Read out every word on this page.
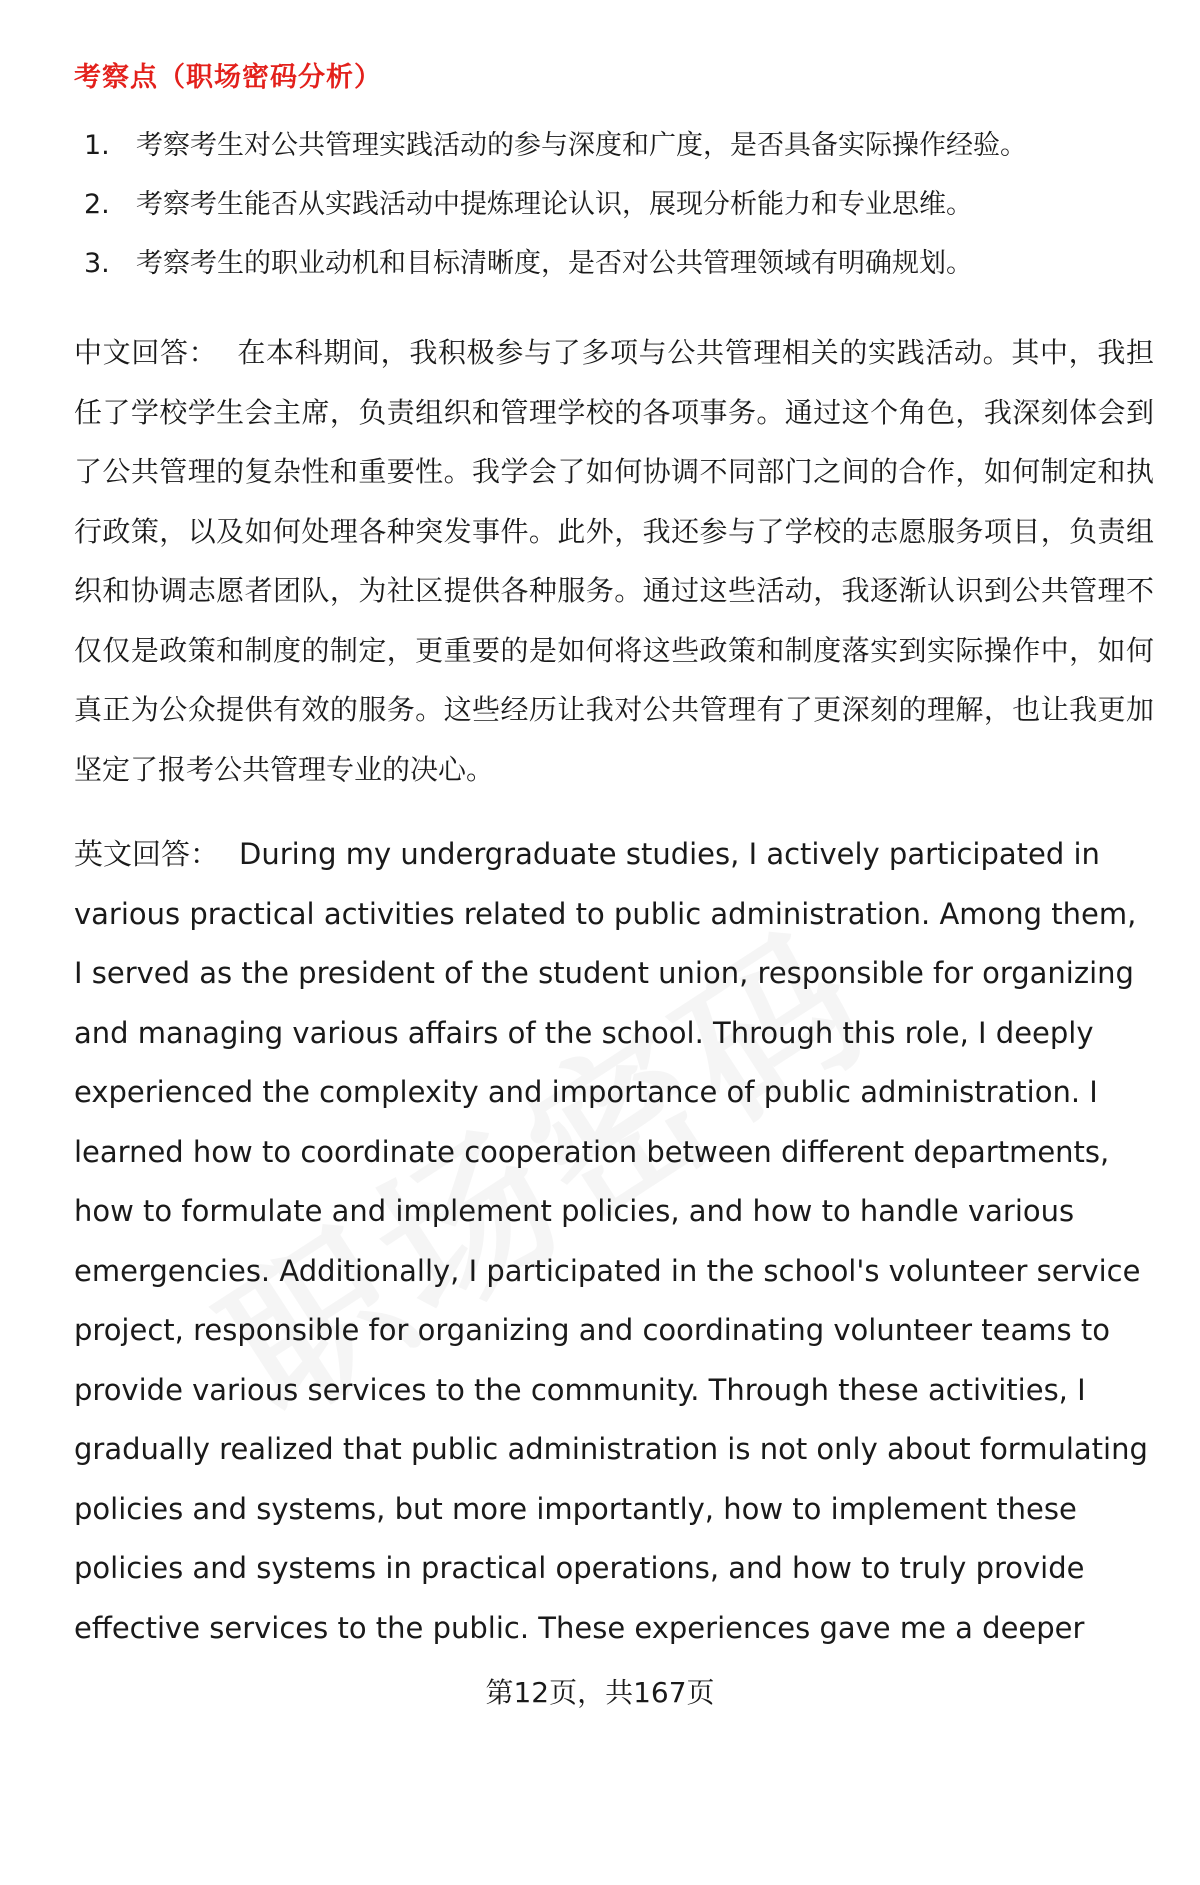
考察点（职场密码分析）
1. 考察考生对公共管理实践活动的参与深度和广度，是否具备实际操作经验。
2. 考察考生能否从实践活动中提炼理论认识，展现分析能力和专业思维。
3. 考察考生的职业动机和目标清晰度，是否对公共管理领域有明确规划。

中文回答： 在本科期间，我积极参与了多项与公共管理相关的实践活动。其中，我担任了学校学生会主席，负责组织和管理学校的各项事务。通过这个角色，我深刻体会到了公共管理的复杂性和重要性。我学会了如何协调不同部门之间的合作，如何制定和执行政策，以及如何处理各种突发事件。此外，我还参与了学校的志愿服务项目，负责组织和协调志愿者团队，为社区提供各种服务。通过这些活动，我逐渐认识到公共管理不仅仅是政策和制度的制定，更重要的是如何将这些政策和制度落实到实际操作中，如何真正为公众提供有效的服务。这些经历让我对公共管理有了更深刻的理解，也让我更加坚定了报考公共管理专业的决心。

英文回答： During my undergraduate studies, I actively participated in various practical activities related to public administration. Among them, I served as the president of the student union, responsible for organizing and managing various affairs of the school. Through this role, I deeply experienced the complexity and importance of public administration. I learned how to coordinate cooperation between different departments, how to formulate and implement policies, and how to handle various emergencies. Additionally, I participated in the school's volunteer service project, responsible for organizing and coordinating volunteer teams to provide various services to the community. Through these activities, I gradually realized that public administration is not only about formulating policies and systems, but more importantly, how to implement these policies and systems in practical operations, and how to truly provide effective services to the public. These experiences gave me a deeper

第12页，共167页
